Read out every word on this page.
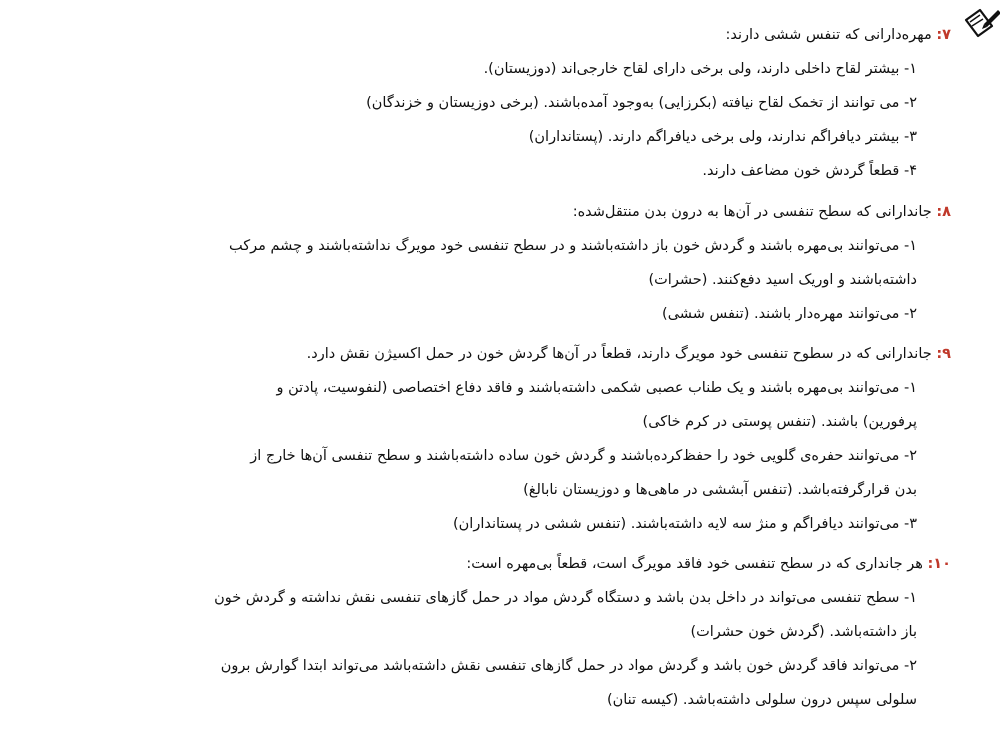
۷: مهره‌دارانی که تنفس ششی دارند:
۱- بیشتر لقاح داخلی دارند، ولی برخی دارای لقاح خارجی‌اند (دوزیستان).
۲- می توانند از تخمک لقاح نیافته (بکرزایی) به‌وجود آمده‌باشند. (برخی دوزیستان و خزندگان)
۳- بیشتر دیافراگم ندارند، ولی برخی دیافراگم دارند. (پستانداران)
۴- قطعاً گردش خون مضاعف دارند.
۸: جاندارانی که سطح تنفسی در آن‌ها به درون بدن منتقل‌شده:
۱- می‌توانند بی‌مهره باشند و گردش خون باز داشته‌باشند و در سطح تنفسی خود مویرگ نداشته‌باشند و چشم مرکب
داشته‌باشند و اوریک اسید دفع‌کنند. (حشرات)
۲- می‌توانند مهره‌دار باشند. (تنفس ششی)
۹: جاندارانی که در سطوح تنفسی خود مویرگ دارند، قطعاً در آن‌ها گردش خون در حمل اکسیژن نقش دارد.
۱- می‌توانند بی‌مهره باشند و یک طناب عصبی شکمی داشته‌باشند و فاقد دفاع اختصاصی (لنفوسیت، پادتن و
پرفورین) باشند. (تنفس پوستی در کرم خاکی)
۲- می‌توانند حفره‌ی گلویی خود را حفظ‌کرده‌باشند و گردش خون ساده داشته‌باشند و سطح تنفسی آن‌ها خارج از
بدن قرارگرفته‌باشد. (تنفس آبششی در ماهی‌ها و دوزیستان نابالغ)
۳- می‌توانند دیافراگم و منژ سه لایه داشته‌باشند. (تنفس ششی در پستانداران)
۱۰: هر جانداری که در سطح تنفسی خود فاقد مویرگ است، قطعاً بی‌مهره است:
۱- سطح تنفسی می‌تواند در داخل بدن باشد و دستگاه گردش مواد در حمل گازهای تنفسی نقش نداشته و گردش خون
باز داشته‌باشد. (گردش خون حشرات)
۲- می‌تواند فاقد گردش خون باشد و گردش مواد در حمل گازهای تنفسی نقش داشته‌باشد می‌تواند ابتدا گوارش برون
سلولی سپس درون سلولی داشته‌باشد. (کیسه تنان)
